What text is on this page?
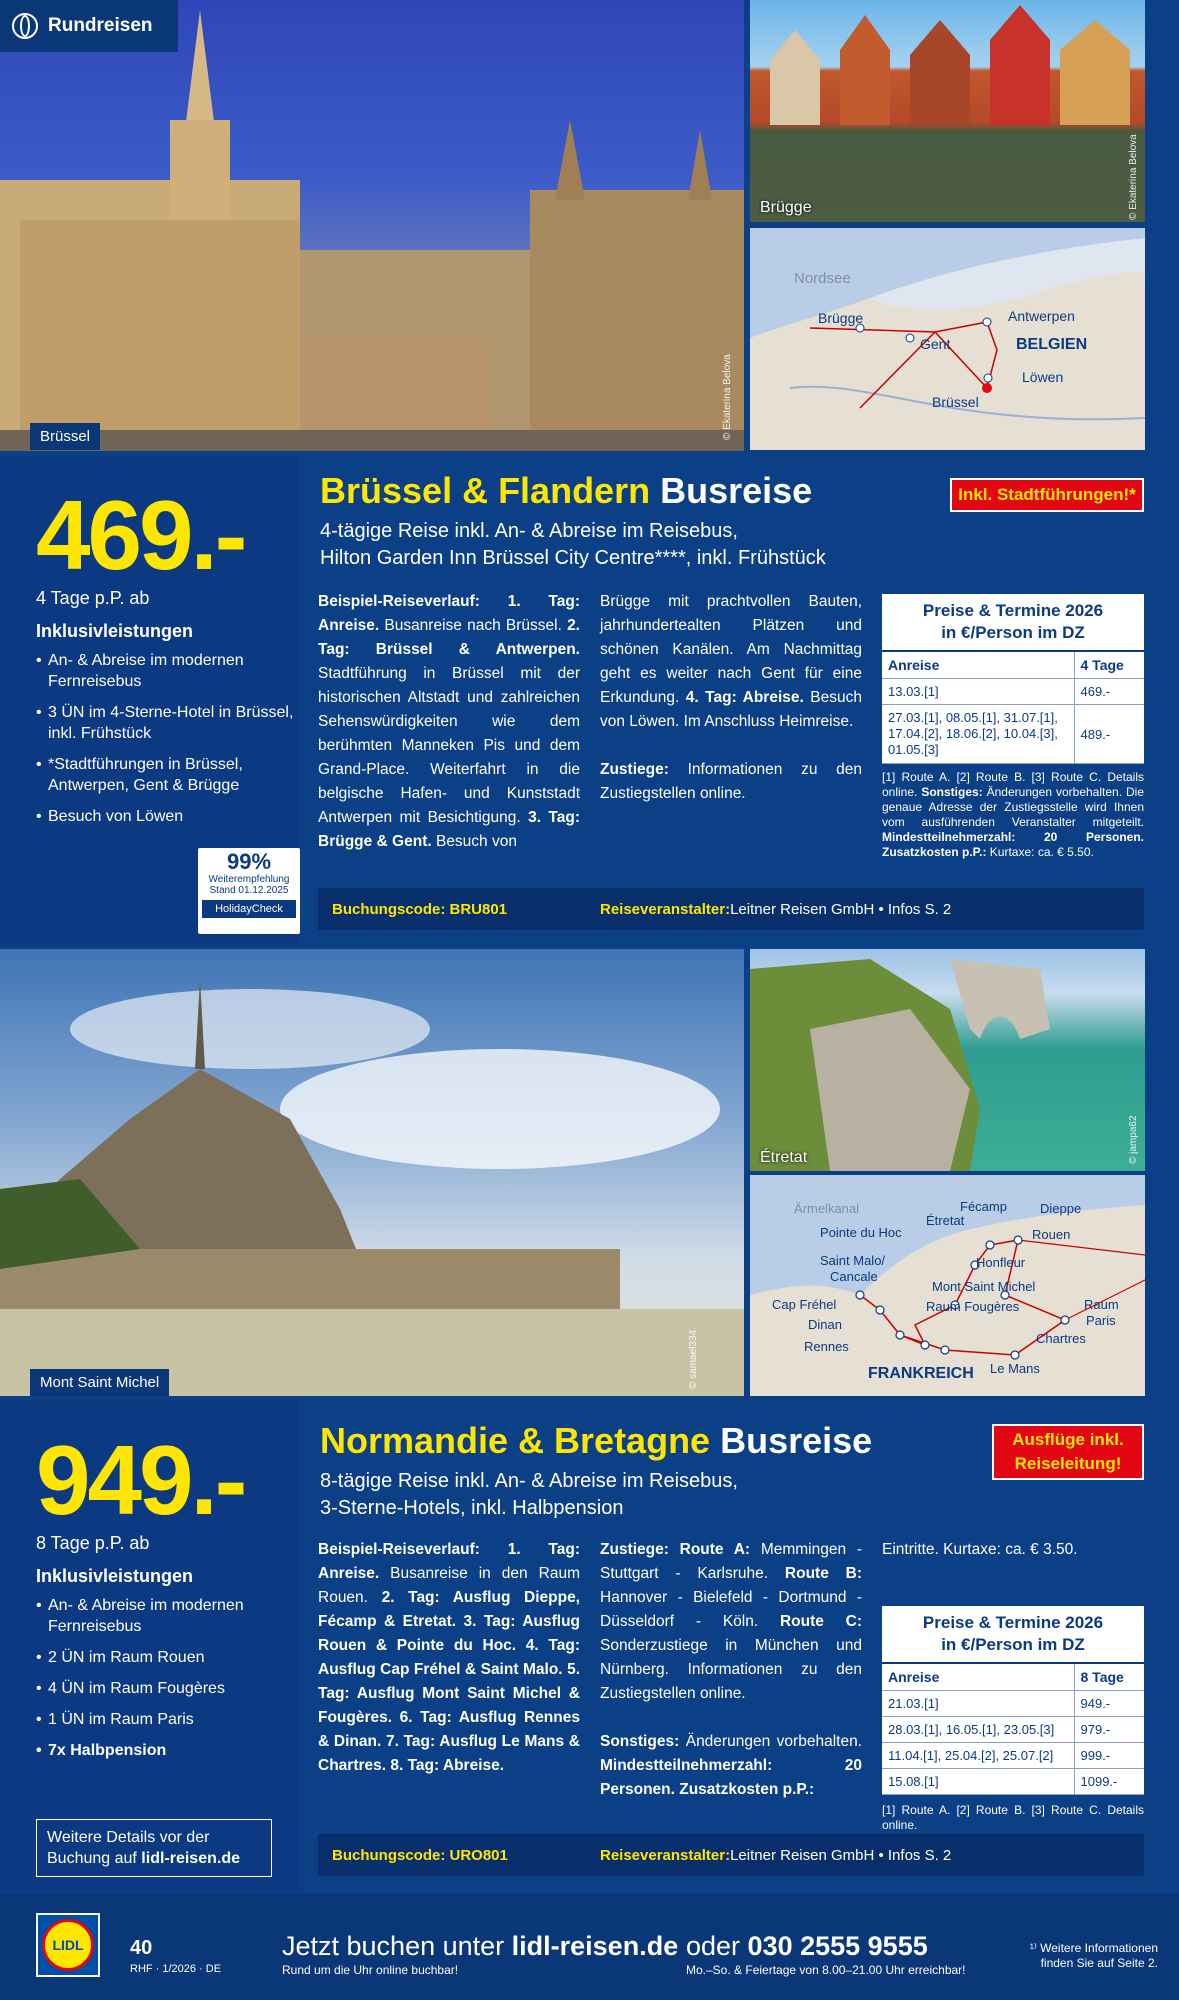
© Ekaterina Belova
Rundreisen
Brüssel
© Ekaterina Belova
Brügge
Nordsee
BELGIEN
Brügge
Gent
Antwerpen
Löwen
Brüssel
469.-
4 Tage p.P. ab
Inklusivleistungen
• An- & Abreise im modernen Fernreisebus
• 3 ÜN im 4-Sterne-Hotel in Brüssel, inkl. Frühstück
• *Stadtführungen in Brüssel, Antwerpen, Gent & Brügge
• Besuch von Löwen
99%
Weiterempfehlung
Stand 01.12.2025
HolidayCheck
Brüssel & Flandern Busreise	Inkl. Stadtführungen!*
4-tägige Reise inkl. An- & Abreise im Reisebus,
Hilton Garden Inn Brüssel City Centre****, inkl. Frühstück
Beispiel-Reiseverlauf: 1. Tag: Anreise. Busanreise nach Brüssel. 2. Tag: Brüssel & Antwerpen. Stadtführung in Brüssel mit der historischen Altstadt und zahlreichen Sehenswürdigkeiten wie dem berühmten Manneken Pis und dem Grand-Place. Weiterfahrt in die belgische Hafen- und Kunststadt Antwerpen mit Besichtigung. 3. Tag: Brügge & Gent. Besuch von
Brügge mit prachtvollen Bauten, jahrhundertealten Plätzen und schönen Kanälen. Am Nachmittag geht es weiter nach Gent für eine Erkundung. 4. Tag: Abreise. Besuch von Löwen. Im Anschluss Heimreise.
Zustiege: Informationen zu den Zustiegstellen online.
Preise & Termine 2026
in €/Person im DZ
Anreise	4 Tage
13.03.[1]	469.-
27.03.[1], 08.05.[1], 31.07.[1], 17.04.[2], 18.06.[2], 10.04.[3], 01.05.[3]	489.-
[1] Route A. [2] Route B. [3] Route C. Details online. Sonstiges: Änderungen vorbehalten. Die genaue Adresse der Zustiegsstelle wird Ihnen vom ausführenden Veranstalter mitgeteilt. Mindestteilnehmerzahl: 20 Personen. Zusatzkosten p.P.: Kurtaxe: ca. € 5.50.
Buchungscode: BRU801	Reiseveranstalter: Leitner Reisen GmbH • Infos S. 2
© samael334
Mont Saint Michel
© jampa62
Étretat
Ärmelkanal
FRANKREICH
Fécamp	Dieppe
Étretat
Rouen
Pointe du Hoc
Honfleur
Saint Malo/
Cancale
Mont Saint Michel
Cap Fréhel	Raum Fougères	Raum
Paris
Dinan
Chartres
Rennes
Le Mans
949.-
8 Tage p.P. ab
Inklusivleistungen
• An- & Abreise im modernen Fernreisebus
• 2 ÜN im Raum Rouen
• 4 ÜN im Raum Fougères
• 1 ÜN im Raum Paris
• 7x Halbpension
Weitere Details vor der
Buchung auf lidl-reisen.de
Normandie & Bretagne Busreise	Ausflüge inkl.
Reiseleitung!
8-tägige Reise inkl. An- & Abreise im Reisebus,
3-Sterne-Hotels, inkl. Halbpension
Beispiel-Reiseverlauf: 1. Tag: Anreise. Busanreise in den Raum Rouen. 2. Tag: Ausflug Dieppe, Fécamp & Etretat. 3. Tag: Ausflug Rouen & Pointe du Hoc. 4. Tag: Ausflug Cap Fréhel & Saint Malo. 5. Tag: Ausflug Mont Saint Michel & Fougères. 6. Tag: Ausflug Rennes & Dinan. 7. Tag: Ausflug Le Mans & Chartres. 8. Tag: Abreise.
Zustiege: Route A: Memmingen - Stuttgart - Karlsruhe. Route B: Hannover - Bielefeld - Dortmund - Düsseldorf - Köln. Route C: Sonderzustiege in München und Nürnberg. Informationen zu den Zustiegstellen online.
Sonstiges: Änderungen vorbehalten. Mindestteilnehmerzahl: 20 Personen. Zusatzkosten p.P.:
Eintritte. Kurtaxe: ca. € 3.50.
Preise & Termine 2026
in €/Person im DZ
Anreise	8 Tage
21.03.[1]	949.-
28.03.[1], 16.05.[1], 23.05.[3]	979.-
11.04.[1], 25.04.[2], 25.07.[2]	999.-
15.08.[1]	1099.-
[1] Route A. [2] Route B. [3] Route C. Details online.
Buchungscode: URO801	Reiseveranstalter: Leitner Reisen GmbH • Infos S. 2
LIDL 40
RHF · 1/2026 · DE
Jetzt buchen unter lidl-reisen.de
Rund um die Uhr online buchbar!
oder 030 2555 9555
Mo.–So. & Feiertage von 8.00–21.00 Uhr erreichbar!
¹⁾ Weitere Informationen
finden Sie auf Seite 2.
